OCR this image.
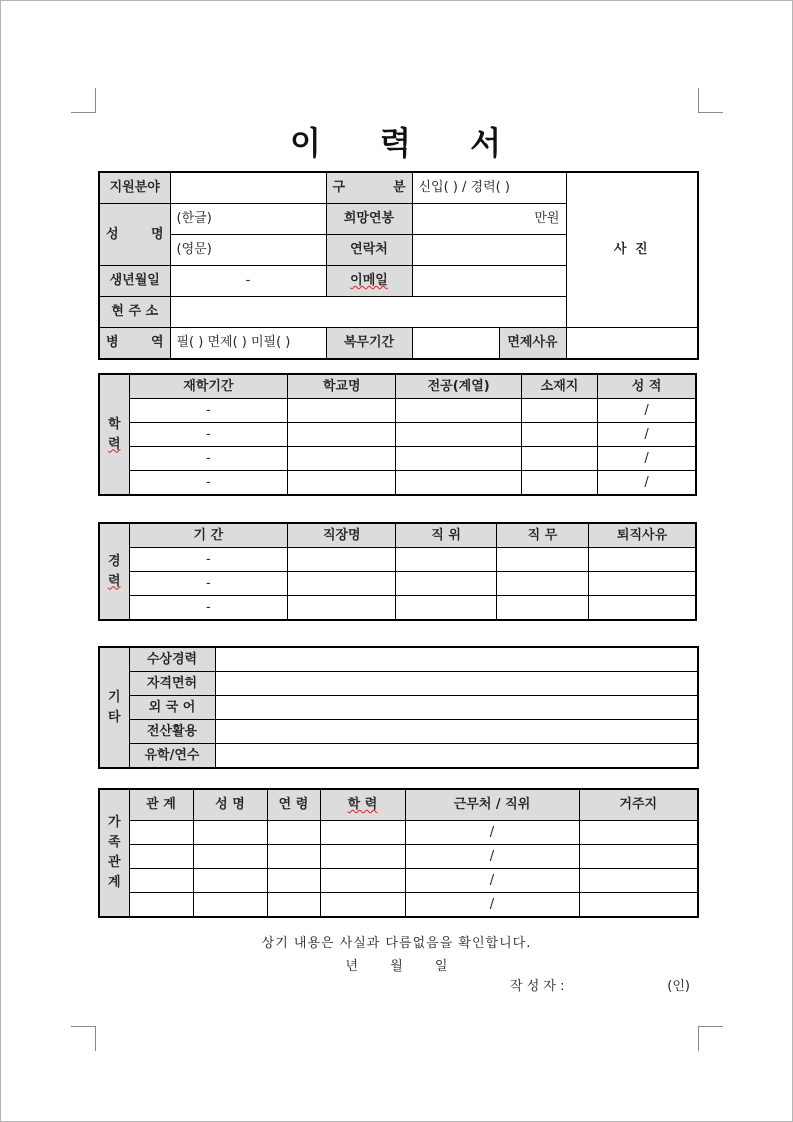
이 력 서
지원분야		구 분	신입( ) / 경력( )		사 진

성 명	(한글)	희망연봉	만원		
	(영문)	연락처			
생년월일	-	이메일			
현 주 소					

병 역	필( ) 면제( ) 미필( )	복무기간		면제사유	
학
력	재학기간	학교명	전공(계열)	소재지	성 적
	-				/
	-				/
	-				/
	-				/
경
력	기 간	직장명	직 위	직 무	퇴직사유
	-				
	-				
	-				
기
타	수상경력	
	자격면허	
	외 국 어	
	전산활용	
	유학/연수	
가
족
관
계	관 계	성 명	연 령	학 력	근무처 / 직위	거주지
					/	
					/	
					/	
					/	
상기 내용은 사실과 다름없음을 확인합니다.
년 월 일
작 성 자 :	(인)
